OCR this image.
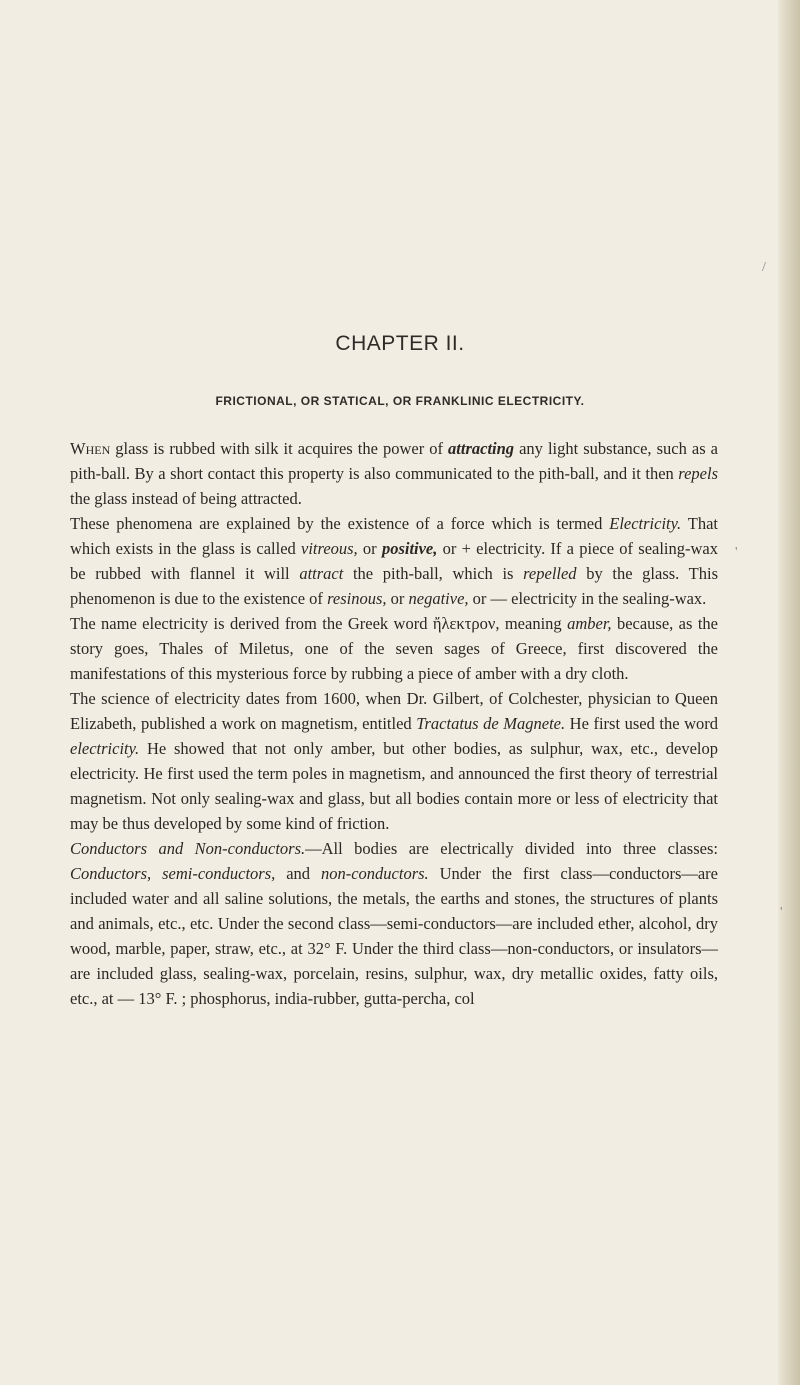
/
'
'
CHAPTER II.
FRICTIONAL, OR STATICAL, OR FRANKLINIC ELECTRICITY.

When glass is rubbed with silk it acquires the power of attracting any light substance, such as a pith-ball. By a short contact this property is also communicated to the pith-ball, and it then repels the glass instead of being attracted.

These phenomena are explained by the existence of a force which is termed Electricity. That which exists in the glass is called vitreous, or positive, or + electricity. If a piece of sealing-wax be rubbed with flannel it will attract the pith-ball, which is repelled by the glass. This phenomenon is due to the existence of resinous, or negative, or — electricity in the sealing-wax.

The name electricity is derived from the Greek word ἤλεκτρον, meaning amber, because, as the story goes, Thales of Miletus, one of the seven sages of Greece, first discovered the manifestations of this mysterious force by rubbing a piece of amber with a dry cloth.

The science of electricity dates from 1600, when Dr. Gilbert, of Colchester, physician to Queen Elizabeth, published a work on magnetism, entitled Tractatus de Magnete. He first used the word electricity. He showed that not only amber, but other bodies, as sulphur, wax, etc., develop electricity. He first used the term poles in magnetism, and announced the first theory of terrestrial magnetism. Not only sealing-wax and glass, but all bodies contain more or less of electricity that may be thus developed by some kind of friction.

Conductors and Non-conductors.—All bodies are electrically divided into three classes: Conductors, semi-conductors, and non-conductors. Under the first class—conductors—are included water and all saline solutions, the metals, the earths and stones, the structures of plants and animals, etc., etc. Under the second class—semi-conductors—are included ether, alcohol, dry wood, marble, paper, straw, etc., at 32° F. Under the third class—non-conductors, or insulators—are included glass, sealing-wax, porcelain, resins, sulphur, wax, dry metallic oxides, fatty oils, etc., at — 13° F. ; phosphorus, india-rubber, gutta-percha, col
